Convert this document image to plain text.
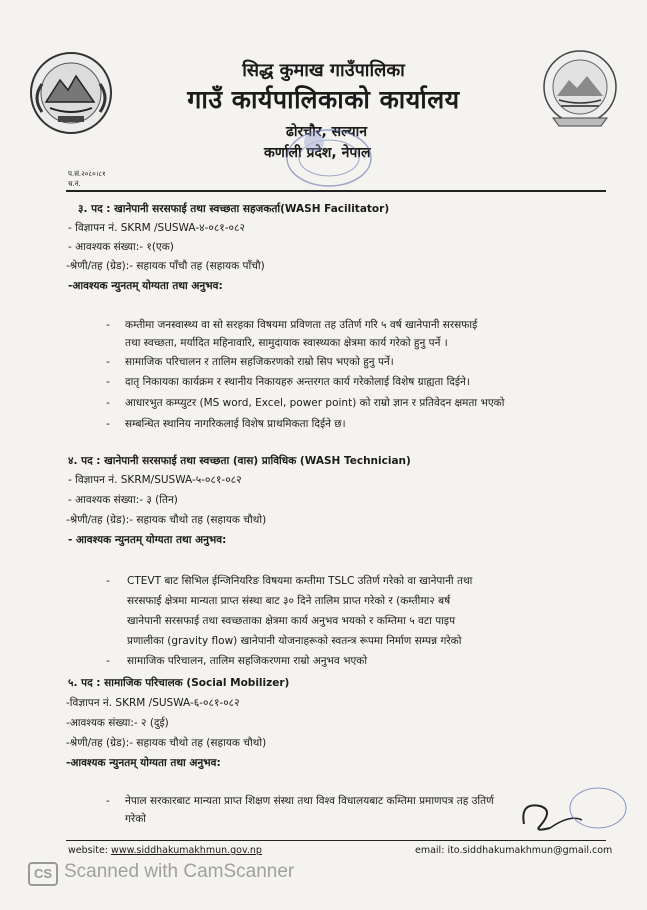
सिद्ध कुमाख गाउँपालिका
गाउँ कार्यपालिकाको कार्यालय
ढोरचौर, सल्यान
कर्णाली प्रदेश, नेपाल
प.सं.२०८०।८१
च.नं.
३. पद : खानेपानी सरसफाई तथा स्वच्छता सहजकर्ता(WASH Facilitator)
- विज्ञापन नं. SKRM /SUSWA-४-०८१-०८२
- आवश्यक संख्या:- १(एक)
-श्रेणी/तह (ग्रेड):- सहायक पाँचौ तह (सहायक पाँचौ)
-आवश्यक न्युनतम् योग्यता तथा अनुभव:
- कम्तीमा जनस्वास्थ्य वा सो सरहका विषयमा प्रविणता तह उतिर्ण गरि ५ वर्ष खानेपानी सरसफाई
तथा स्वच्छता, मर्यादित महिनावारि, सामुदायाक स्वास्थ्यका क्षेत्रमा कार्य गरेको हुनु पर्ने ।
- सामाजिक परिचालन र तालिम सहजिकरणको राम्रो सिप भएको हुनु पर्ने।
- दातृ निकायका कार्यक्रम र स्थानीय निकायहरु अन्तरगत कार्य गरेकोलाई विशेष ग्राह्यता दिईने।
- आधारभुत कम्प्युटर (MS word, Excel, power point) को राम्रो ज्ञान र प्रतिवेदन क्षमता भएको
- सम्बन्धित स्थानिय नागरिकलाई विशेष प्राथमिकता दिईने छ।
४. पद : खानेपानी सरसफाई तथा स्वच्छता (वास) प्राविधिक (WASH Technician)
- विज्ञापन नं. SKRM/SUSWA-५-०८१-०८२
- आवश्यक संख्या:- ३ (तिन)
-श्रेणी/तह (ग्रेड):- सहायक चौथो तह (सहायक चौथो)
- आवश्यक न्युनतम् योग्यता तथा अनुभव:
- CTEVT बाट सिभिल ईन्जिनियरिङ विषयमा कम्तीमा TSLC उतिर्ण गरेको वा खानेपानी तथा
सरसफाई क्षेत्रमा मान्यता प्राप्त संस्था बाट ३० दिने तालिम प्राप्त गरेको र (कम्तीमा२ बर्ष
खानेपानी सरसफाई तथा स्वच्छताका क्षेत्रमा कार्य अनुभव भयको र कम्तिमा ५ वटा पाइप
प्रणालीका (gravity flow) खानेपानी योजनाहरूको स्वतन्त्र रूपमा निर्माण सम्पन्न गरेको
- सामाजिक परिचालन, तालिम सहजिकरणमा राम्रो अनुभव भएको
५. पद : सामाजिक परिचालक (Social Mobilizer)
-विज्ञापन नं. SKRM /SUSWA-६-०८१-०८२
-आवश्यक संख्या:- २ (दुई)
-श्रेणी/तह (ग्रेड):- सहायक चौथो तह (सहायक चौथो)
-आवश्यक न्युनतम् योग्यता तथा अनुभव:
- नेपाल सरकारबाट मान्यता प्राप्त शिक्षण संस्था तथा विश्व विधालयबाट कम्तिमा प्रमाणपत्र तह उतिर्ण
गरेको
website: www.siddhakumakhmun.gov.np	email: ito.siddhakumakhmun@gmail.com
CS Scanned with CamScanner
